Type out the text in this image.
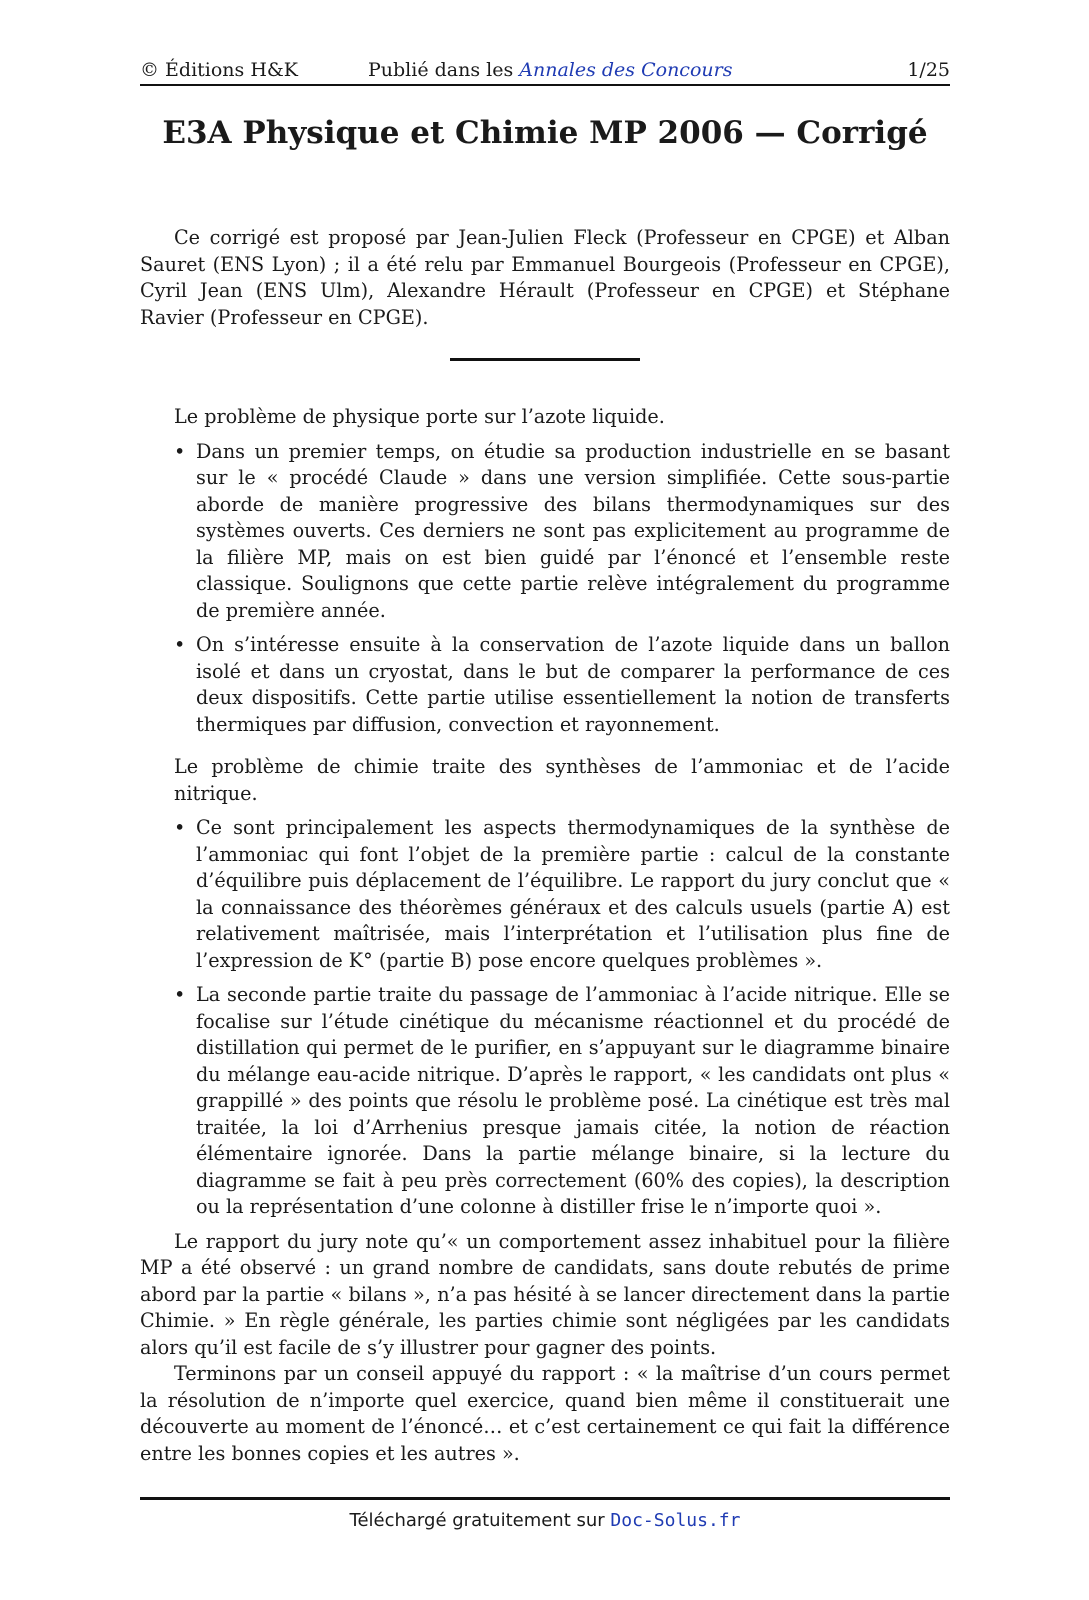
© Éditions H&K	Publié dans les Annales des Concours	1/25
E3A Physique et Chimie MP 2006 — Corrigé

Ce corrigé est proposé par Jean-Julien Fleck (Professeur en CPGE) et Alban Sauret (ENS Lyon) ; il a été relu par Emmanuel Bourgeois (Professeur en CPGE), Cyril Jean (ENS Ulm), Alexandre Hérault (Professeur en CPGE) et Stéphane Ravier (Professeur en CPGE).

Le problème de physique porte sur l’azote liquide.

• Dans un premier temps, on étudie sa production industrielle en se basant sur le « procédé Claude » dans une version simplifiée. Cette sous-partie aborde de manière progressive des bilans thermodynamiques sur des systèmes ouverts. Ces derniers ne sont pas explicitement au programme de la filière MP, mais on est bien guidé par l’énoncé et l’ensemble reste classique. Soulignons que cette partie relève intégralement du programme de première année.
• On s’intéresse ensuite à la conservation de l’azote liquide dans un ballon isolé et dans un cryostat, dans le but de comparer la performance de ces deux dispositifs. Cette partie utilise essentiellement la notion de transferts thermiques par diffusion, convection et rayonnement.

Le problème de chimie traite des synthèses de l’ammoniac et de l’acide nitrique.

• Ce sont principalement les aspects thermodynamiques de la synthèse de l’ammoniac qui font l’objet de la première partie : calcul de la constante d’équilibre puis déplacement de l’équilibre. Le rapport du jury conclut que « la connaissance des théorèmes généraux et des calculs usuels (partie A) est relativement maîtrisée, mais l’interprétation et l’utilisation plus fine de l’expression de K° (partie B) pose encore quelques problèmes ».
• La seconde partie traite du passage de l’ammoniac à l’acide nitrique. Elle se focalise sur l’étude cinétique du mécanisme réactionnel et du procédé de distillation qui permet de le purifier, en s’appuyant sur le diagramme binaire du mélange eau-acide nitrique. D’après le rapport, « les candidats ont plus « grappillé » des points que résolu le problème posé. La cinétique est très mal traitée, la loi d’Arrhenius presque jamais citée, la notion de réaction élémentaire ignorée. Dans la partie mélange binaire, si la lecture du diagramme se fait à peu près correctement (60% des copies), la description ou la représentation d’une colonne à distiller frise le n’importe quoi ».

Le rapport du jury note qu’« un comportement assez inhabituel pour la filière MP a été observé : un grand nombre de candidats, sans doute rebutés de prime abord par la partie « bilans », n’a pas hésité à se lancer directement dans la partie Chimie. » En règle générale, les parties chimie sont négligées par les candidats alors qu’il est facile de s’y illustrer pour gagner des points.

Terminons par un conseil appuyé du rapport : « la maîtrise d’un cours permet la résolution de n’importe quel exercice, quand bien même il constituerait une découverte au moment de l’énoncé… et c’est certainement ce qui fait la différence entre les bonnes copies et les autres ».

Téléchargé gratuitement sur Doc-Solus.fr
